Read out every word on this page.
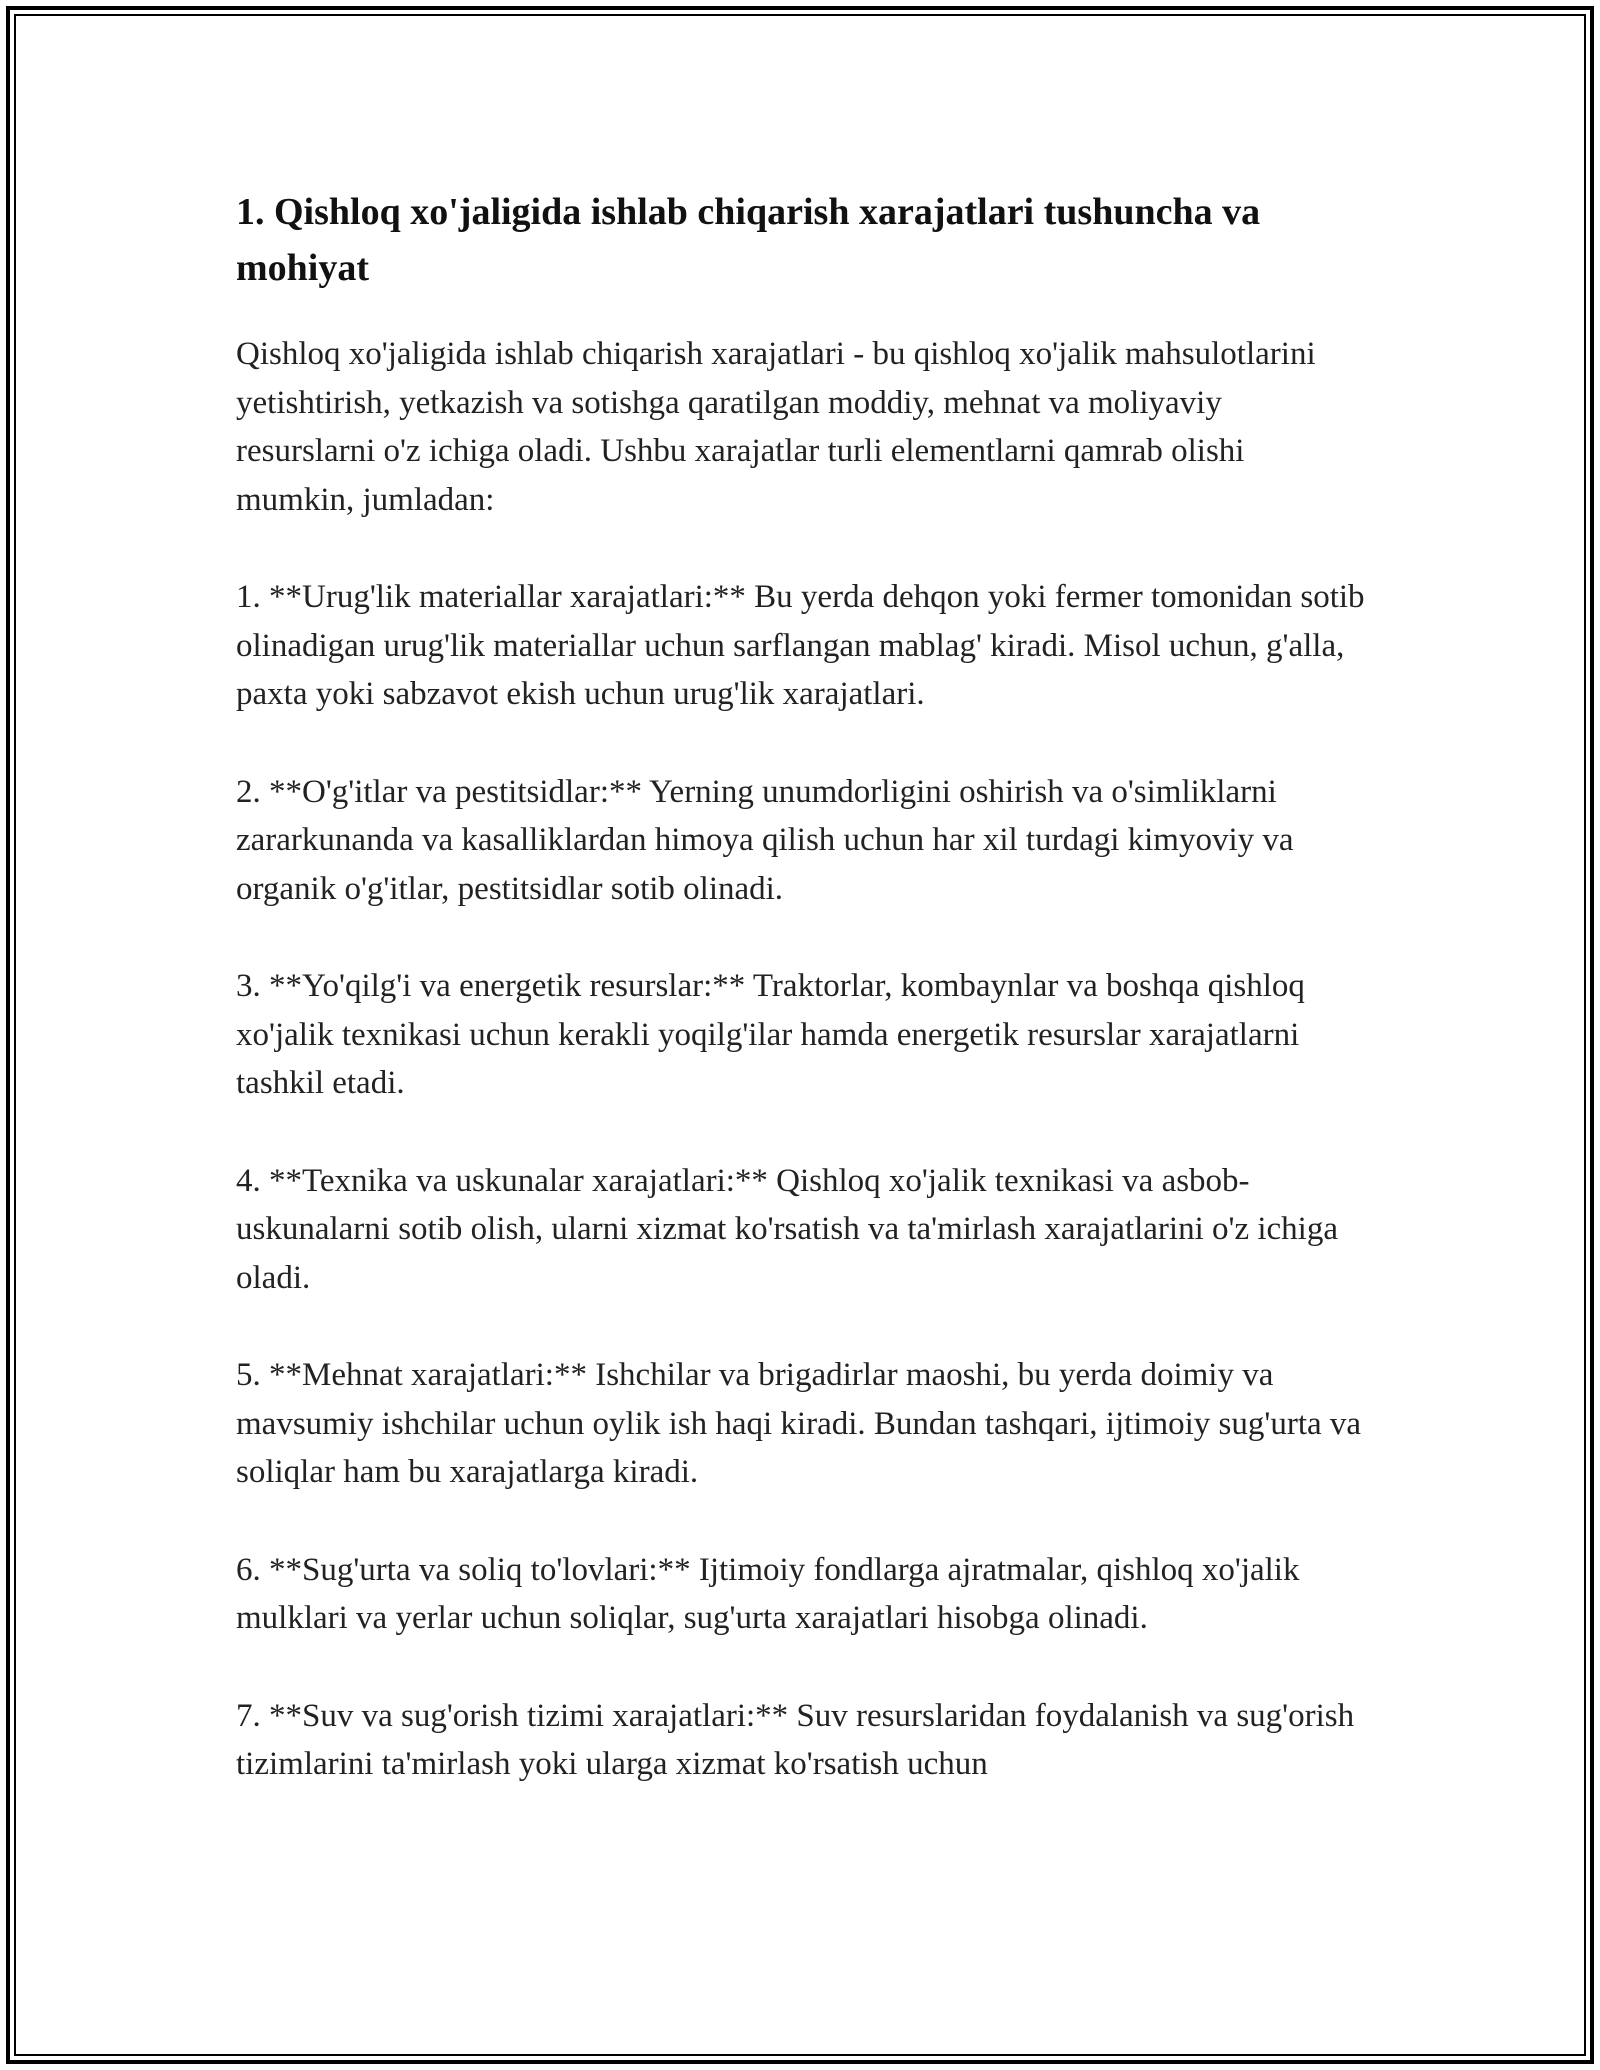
1. Qishloq xo'jaligida ishlab chiqarish xarajatlari tushuncha va mohiyat

Qishloq xo'jaligida ishlab chiqarish xarajatlari - bu qishloq xo'jalik mahsulotlarini yetishtirish, yetkazish va sotishga qaratilgan moddiy, mehnat va moliyaviy resurslarni o'z ichiga oladi. Ushbu xarajatlar turli elementlarni qamrab olishi mumkin, jumladan:

1. **Urug'lik materiallar xarajatlari:** Bu yerda dehqon yoki fermer tomonidan sotib olinadigan urug'lik materiallar uchun sarflangan mablag' kiradi. Misol uchun, g'alla, paxta yoki sabzavot ekish uchun urug'lik xarajatlari.

2. **O'g'itlar va pestitsidlar:** Yerning unumdorligini oshirish va o'simliklarni zararkunanda va kasalliklardan himoya qilish uchun har xil turdagi kimyoviy va organik o'g'itlar, pestitsidlar sotib olinadi.

3. **Yo'qilg'i va energetik resurslar:** Traktorlar, kombaynlar va boshqa qishloq xo'jalik texnikasi uchun kerakli yoqilg'ilar hamda energetik resurslar xarajatlarni tashkil etadi.

4. **Texnika va uskunalar xarajatlari:** Qishloq xo'jalik texnikasi va asbob-uskunalarni sotib olish, ularni xizmat ko'rsatish va ta'mirlash xarajatlarini o'z ichiga oladi.

5. **Mehnat xarajatlari:** Ishchilar va brigadirlar maoshi, bu yerda doimiy va mavsumiy ishchilar uchun oylik ish haqi kiradi. Bundan tashqari, ijtimoiy sug'urta va soliqlar ham bu xarajatlarga kiradi.

6. **Sug'urta va soliq to'lovlari:** Ijtimoiy fondlarga ajratmalar, qishloq xo'jalik mulklari va yerlar uchun soliqlar, sug'urta xarajatlari hisobga olinadi.

7. **Suv va sug'orish tizimi xarajatlari:** Suv resurslaridan foydalanish va sug'orish tizimlarini ta'mirlash yoki ularga xizmat ko'rsatish uchun
